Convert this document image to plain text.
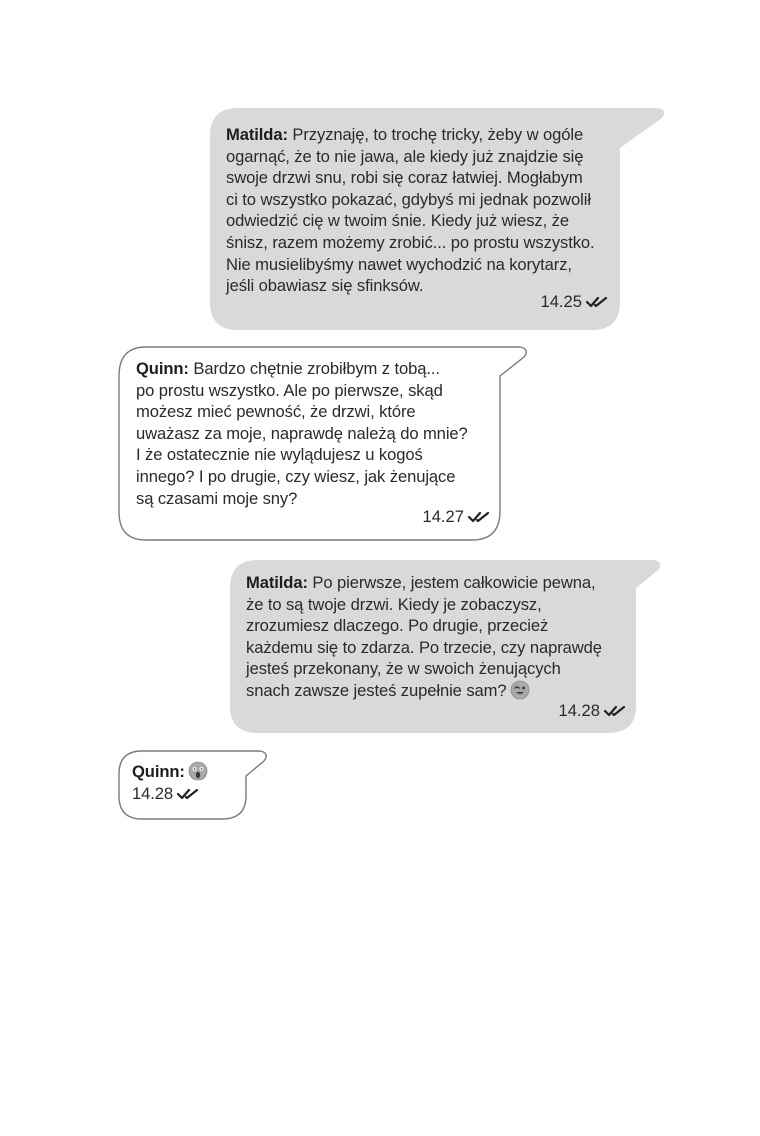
Matilda: Przyznaję, to trochę tricky, żeby w ogóle
ogarnąć, że to nie jawa, ale kiedy już znajdzie się
swoje drzwi snu, robi się coraz łatwiej. Mogłabym
ci to wszystko pokazać, gdybyś mi jednak pozwolił
odwiedzić cię w twoim śnie. Kiedy już wiesz, że
śnisz, razem możemy zrobić... po prostu wszystko.
Nie musielibyśmy nawet wychodzić na korytarz,
jeśli obawiasz się sfinksów.
14.25
Quinn: Bardzo chętnie zrobiłbym z tobą...
po prostu wszystko. Ale po pierwsze, skąd
możesz mieć pewność, że drzwi, które
uważasz za moje, naprawdę należą do mnie?
I że ostatecznie nie wylądujesz u kogoś
innego? I po drugie, czy wiesz, jak żenujące
są czasami moje sny?
14.27
Matilda: Po pierwsze, jestem całkowicie pewna,
że to są twoje drzwi. Kiedy je zobaczysz,
zrozumiesz dlaczego. Po drugie, przecież
każdemu się to zdarza. Po trzecie, czy naprawdę
jesteś przekonany, że w swoich żenujących
snach zawsze jesteś zupełnie sam?
14.28
Quinn:
14.28
